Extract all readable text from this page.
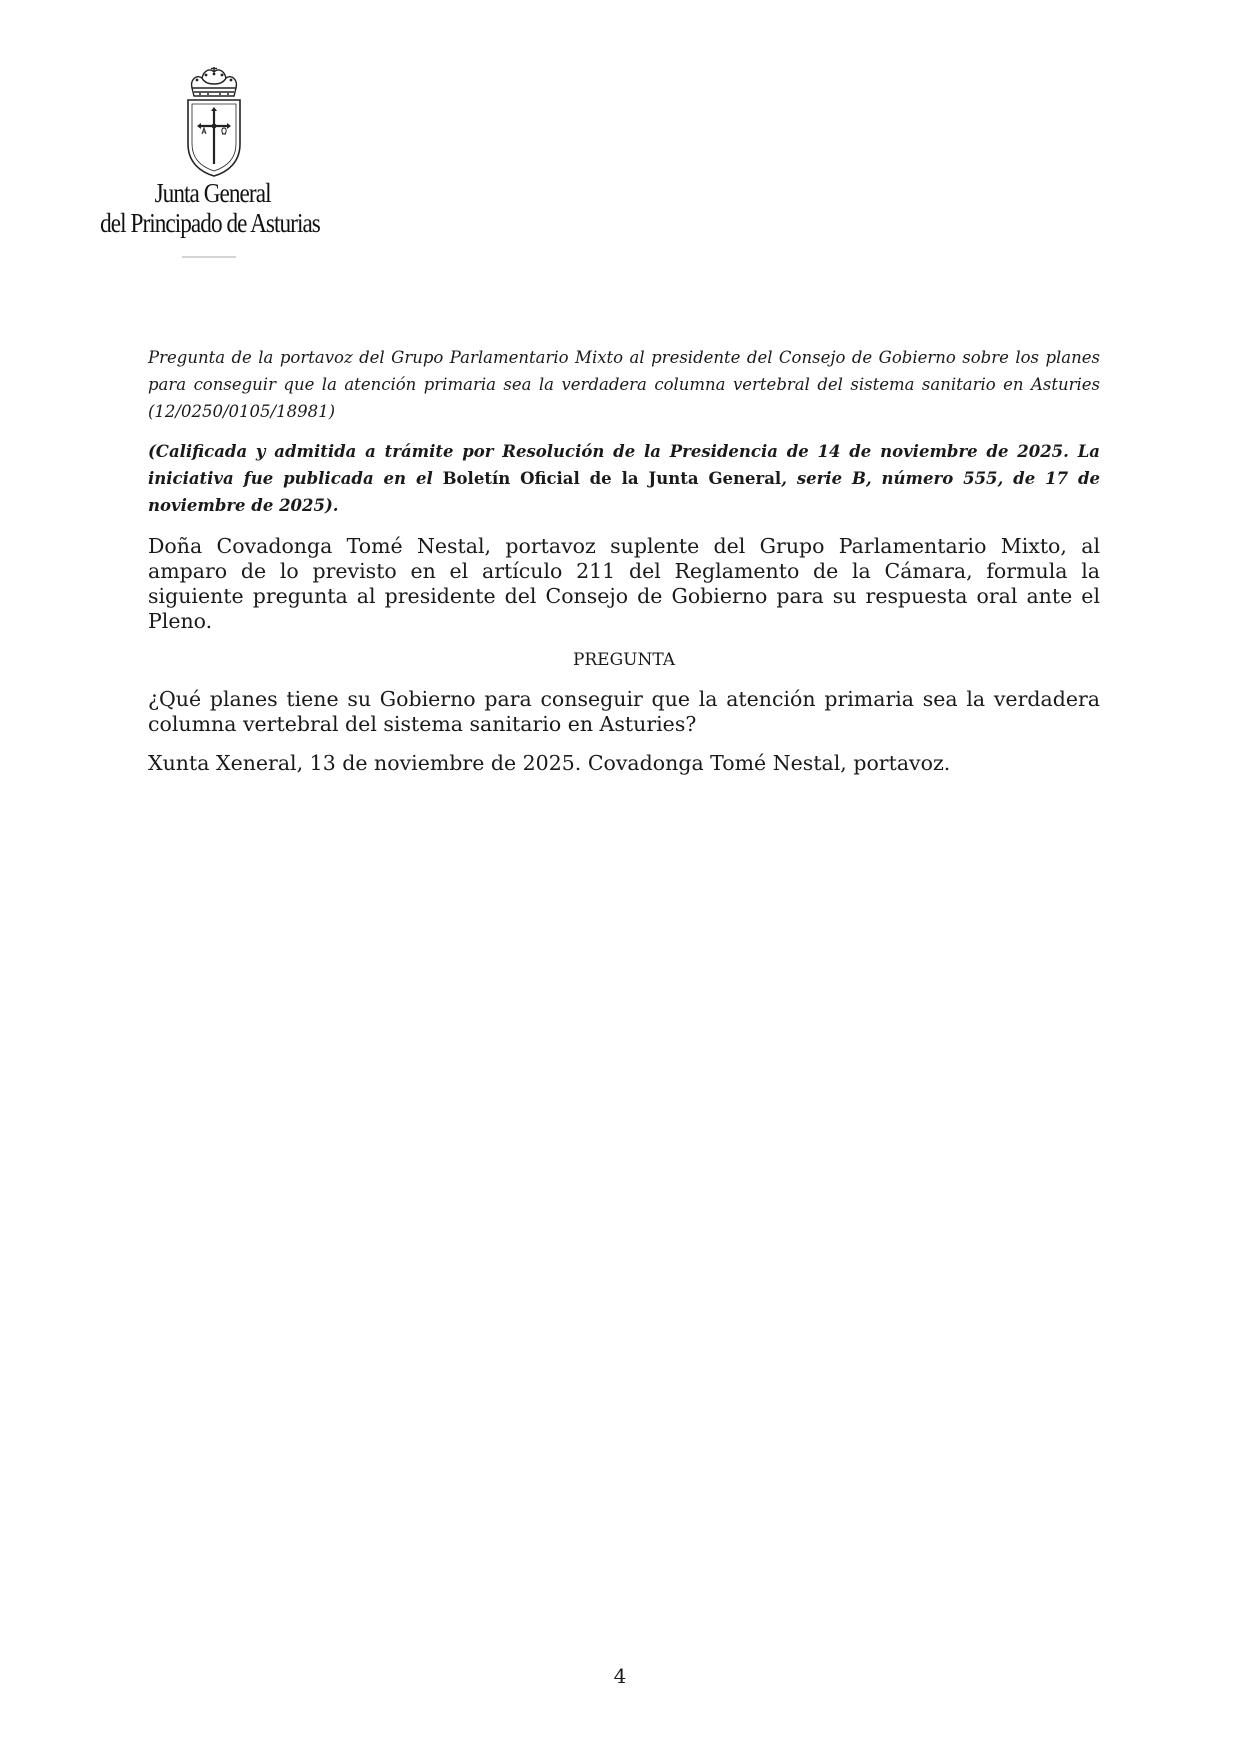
Junta General
del Principado de Asturias

Pregunta de la portavoz del Grupo Parlamentario Mixto al presidente del Consejo de Gobierno sobre los planes para conseguir que la atención primaria sea la verdadera columna vertebral del sistema sanitario en Asturies (12/0250/0105/18981)

(Calificada y admitida a trámite por Resolución de la Presidencia de 14 de noviembre de 2025. La iniciativa fue publicada en el Boletín Oficial de la Junta General, serie B, número 555, de 17 de noviembre de 2025).

Doña Covadonga Tomé Nestal, portavoz suplente del Grupo Parlamentario Mixto, al amparo de lo previsto en el artículo 211 del Reglamento de la Cámara, formula la siguiente pregunta al presidente del Consejo de Gobierno para su respuesta oral ante el Pleno.

PREGUNTA

¿Qué planes tiene su Gobierno para conseguir que la atención primaria sea la verdadera columna vertebral del sistema sanitario en Asturies?

Xunta Xeneral, 13 de noviembre de 2025. Covadonga Tomé Nestal, portavoz.

4
